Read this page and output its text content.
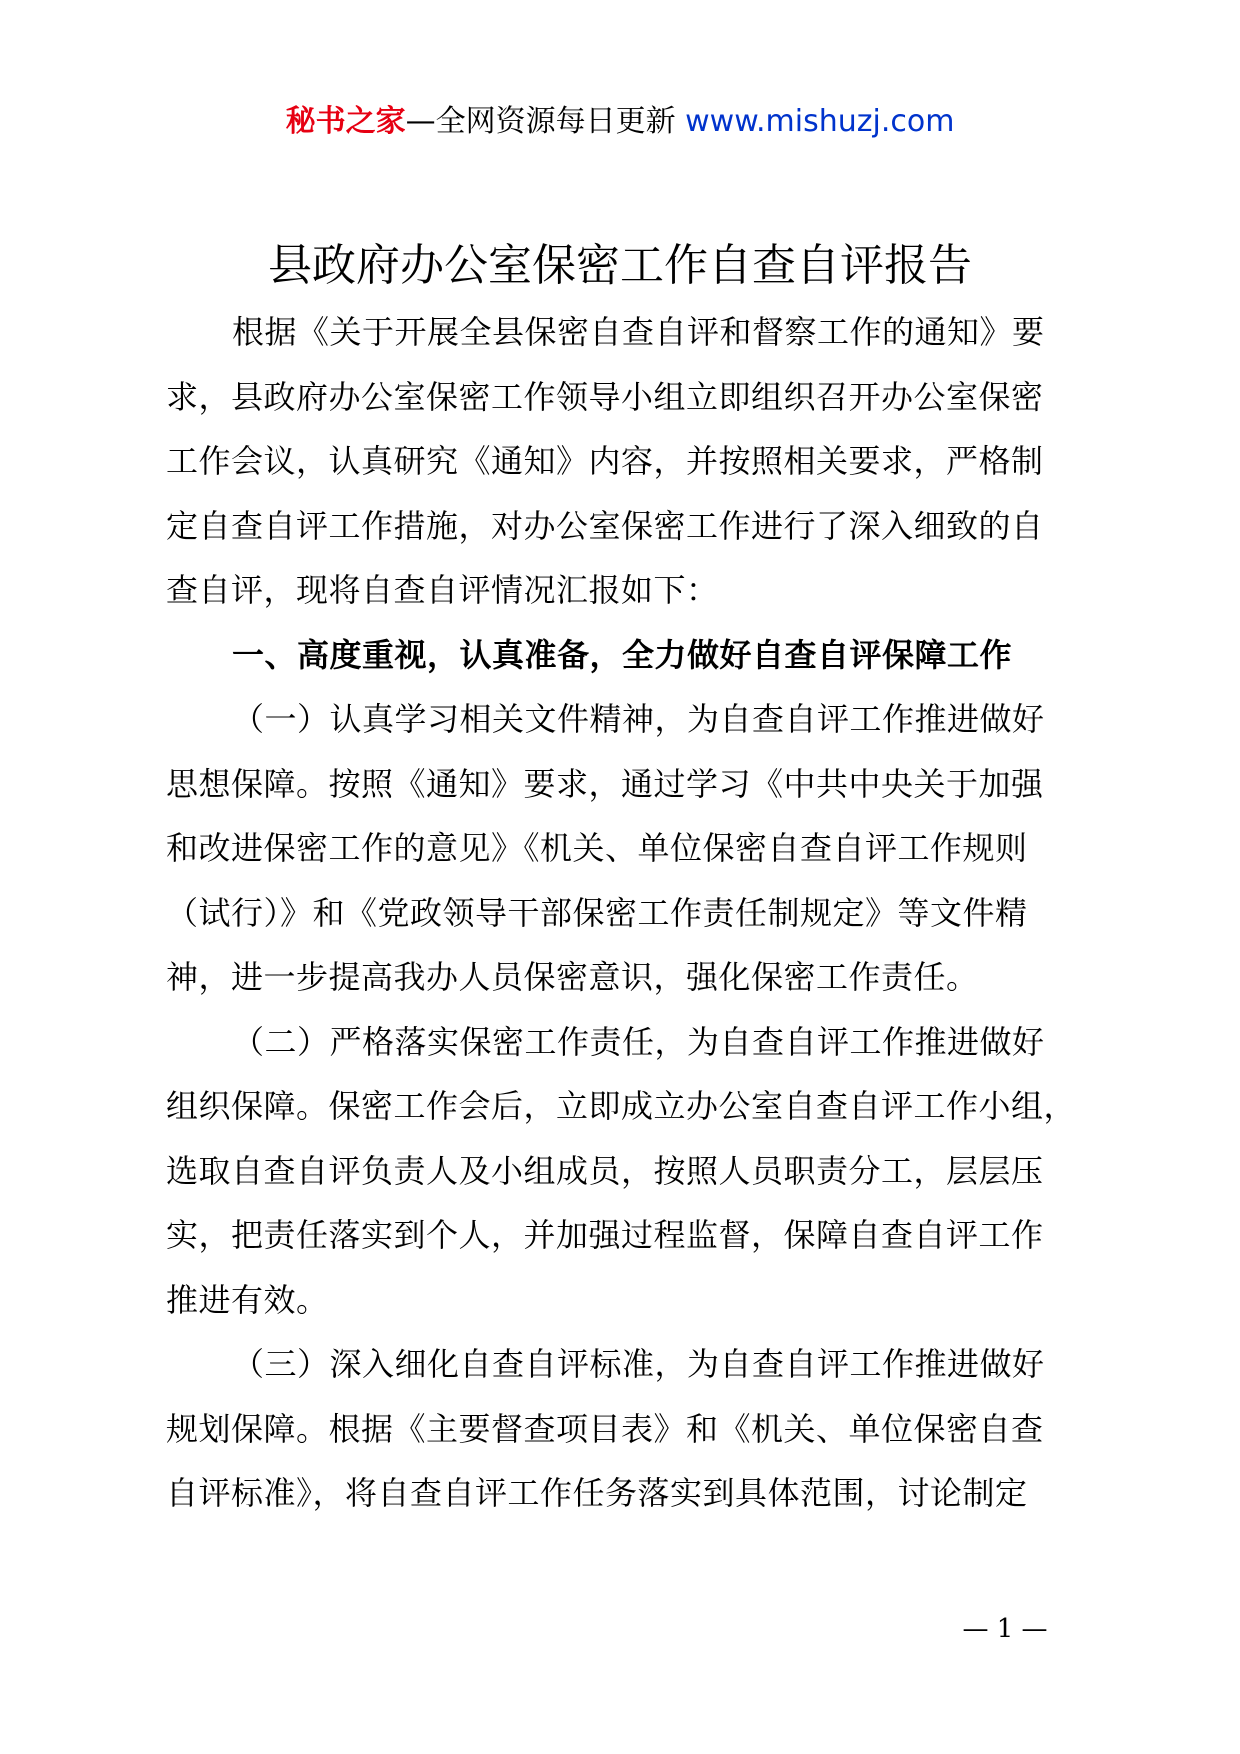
秘书之家—全网资源每日更新 www.mishuzj.com
县政府办公室保密工作自查自评报告
根据《关于开展全县保密自查自评和督察工作的通知》要
求，县政府办公室保密工作领导小组立即组织召开办公室保密
工作会议，认真研究《通知》内容，并按照相关要求，严格制
定自查自评工作措施，对办公室保密工作进行了深入细致的自
查自评，现将自查自评情况汇报如下：
一、高度重视，认真准备，全力做好自查自评保障工作
（一）认真学习相关文件精神，为自查自评工作推进做好
思想保障。按照《通知》要求，通过学习《中共中央关于加强
和改进保密工作的意见》《机关、单位保密自查自评工作规则
（试行）》和《党政领导干部保密工作责任制规定》等文件精
神，进一步提高我办人员保密意识，强化保密工作责任。
（二）严格落实保密工作责任，为自查自评工作推进做好
组织保障。保密工作会后，立即成立办公室自查自评工作小组，
选取自查自评负责人及小组成员，按照人员职责分工，层层压
实，把责任落实到个人，并加强过程监督，保障自查自评工作
推进有效。
（三）深入细化自查自评标准，为自查自评工作推进做好
规划保障。根据《主要督查项目表》和《机关、单位保密自查
自评标准》，将自查自评工作任务落实到具体范围，讨论制定
— 1 —
